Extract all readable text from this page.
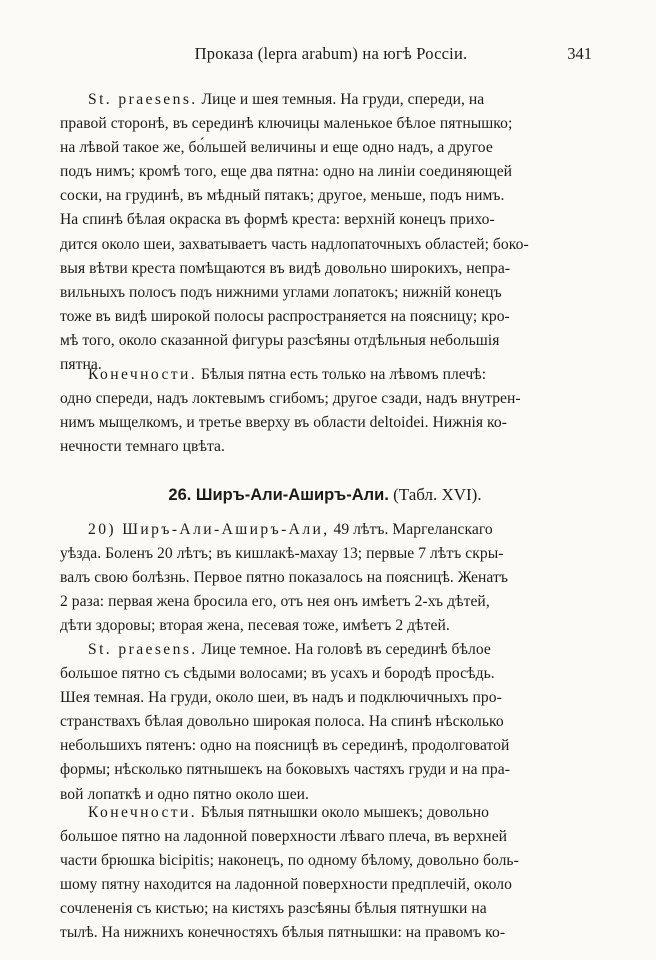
Проказа (lepra arabum) на югѣ Россіи.	341
St. praesens. Лице и шея темныя. На груди, спереди, на
правой сторонѣ, въ серединѣ ключицы маленькое бѣлое пятнышко;
на лѣвой такое же, бо́льшей величины и еще одно надъ, а другое
подъ нимъ; кромѣ того, еще два пятна: одно на линіи соединяющей
соски, на грудинѣ, въ мѣдный пятакъ; другое, меньше, подъ нимъ.
На спинѣ бѣлая окраска въ формѣ креста: верхній конецъ прихо-
дится около шеи, захватываетъ часть надлопаточныхъ областей; боко-
выя вѣтви креста помѣщаются въ видѣ довольно широкихъ, непра-
вильныхъ полосъ подъ нижними углами лопатокъ; нижній конецъ
тоже въ видѣ широкой полосы распространяется на поясницу; кро-
мѣ того, около сказанной фигуры разсѣяны отдѣльныя небольшія
пятна.
Конечности. Бѣлыя пятна есть только на лѣвомъ плечѣ:
одно спереди, надъ локтевымъ сгибомъ; другое сзади, надъ внутрен-
нимъ мыщелкомъ, и третье вверху въ области deltoidei. Нижнія ко-
нечности темнаго цвѣта.
26. Ширъ-Али-Аширъ-Али. (Табл. XVI).
20) Ширъ-Али-Аширъ-Али, 49 лѣтъ. Маргеланскаго
уѣзда. Боленъ 20 лѣтъ; въ кишлакѣ-махау 13; первые 7 лѣтъ скры-
валъ свою болѣзнь. Первое пятно показалось на поясницѣ. Женатъ
2 раза: первая жена бросила его, отъ нея онъ имѣетъ 2-хъ дѣтей,
дѣти здоровы; вторая жена, песевая тоже, имѣетъ 2 дѣтей.
St. praesens. Лице темное. На головѣ въ серединѣ бѣлое
большое пятно съ сѣдыми волосами; въ усахъ и бородѣ просѣдь.
Шея темная. На груди, около шеи, въ надъ и подключичныхъ про-
странствахъ бѣлая довольно широкая полоса. На спинѣ нѣсколько
небольшихъ пятенъ: одно на поясницѣ въ серединѣ, продолговатой
формы; нѣсколько пятнышекъ на боковыхъ частяхъ груди и на пра-
вой лопаткѣ и одно пятно около шеи.
Конечности. Бѣлыя пятнышки около мышекъ; довольно
большое пятно на ладонной поверхности лѣваго плеча, въ верхней
части брюшка bicipitis; наконецъ, по одному бѣлому, довольно боль-
шому пятну находится на ладонной поверхности предплечій, около
сочлененія съ кистью; на кистяхъ разсѣяны бѣлыя пятнушки на
тылѣ. На нижнихъ конечностяхъ бѣлыя пятнышки: на правомъ ко-
